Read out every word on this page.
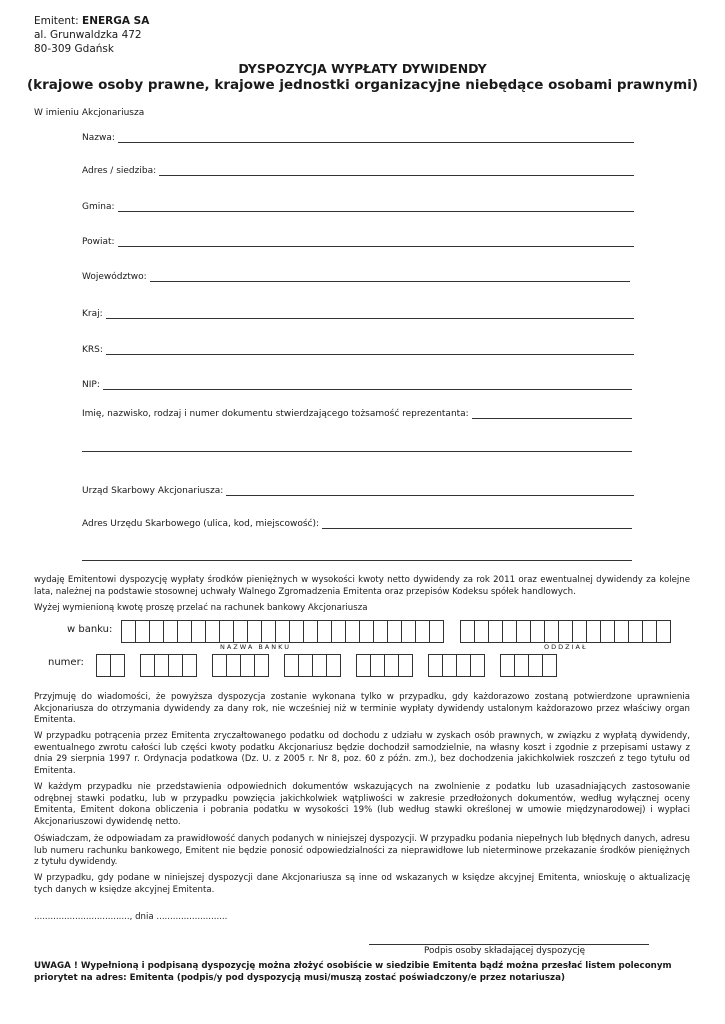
Emitent: ENERGA SA
al. Grunwaldzka 472
80-309 Gdańsk
DYSPOZYCJA WYPŁATY DYWIDENDY
(krajowe osoby prawne, krajowe jednostki organizacyjne niebędące osobami prawnymi)
W imieniu Akcjonariusza
Nazwa:
Adres / siedziba:
Gmina:
Powiat:
Województwo:
Kraj:
KRS:
NIP:
Imię, nazwisko, rodzaj i numer dokumentu stwierdzającego tożsamość reprezentanta:
Urząd Skarbowy Akcjonariusza:
Adres Urzędu Skarbowego (ulica, kod, miejscowość):
wydaję Emitentowi dyspozycję wypłaty środków pieniężnych w wysokości kwoty netto dywidendy za rok 2011 oraz ewentualnej dywidendy za kolejne lata, należnej na podstawie stosownej uchwały Walnego Zgromadzenia Emitenta oraz przepisów Kodeksu spółek handlowych.
Wyżej wymienioną kwotę proszę przelać na rachunek bankowy Akcjonariusza
w banku:
NAZWA BANKU	ODDZIAŁ
numer:
Przyjmuję do wiadomości, że powyższa dyspozycja zostanie wykonana tylko w przypadku, gdy każdorazowo zostaną potwierdzone uprawnienia Akcjonariusza do otrzymania dywidendy za dany rok, nie wcześniej niż w terminie wypłaty dywidendy ustalonym każdorazowo przez właściwy organ Emitenta.
W przypadku potrącenia przez Emitenta zryczałtowanego podatku od dochodu z udziału w zyskach osób prawnych, w związku z wypłatą dywidendy, ewentualnego zwrotu całości lub części kwoty podatku Akcjonariusz będzie dochodził samodzielnie, na własny koszt i zgodnie z przepisami ustawy z dnia 29 sierpnia 1997 r. Ordynacja podatkowa (Dz. U. z 2005 r. Nr 8, poz. 60 z późn. zm.), bez dochodzenia jakichkolwiek roszczeń z tego tytułu od Emitenta.
W każdym przypadku nie przedstawienia odpowiednich dokumentów wskazujących na zwolnienie z podatku lub uzasadniających zastosowanie odrębnej stawki podatku, lub w przypadku powzięcia jakichkolwiek wątpliwości w zakresie przedłożonych dokumentów, według wyłącznej oceny Emitenta, Emitent dokona obliczenia i pobrania podatku w wysokości 19% (lub według stawki określonej w umowie międzynarodowej) i wypłaci Akcjonariuszowi dywidendę netto.
Oświadczam, że odpowiadam za prawidłowość danych podanych w niniejszej dyspozycji. W przypadku podania niepełnych lub błędnych danych, adresu lub numeru rachunku bankowego, Emitent nie będzie ponosić odpowiedzialności za nieprawidłowe lub nieterminowe przekazanie środków pieniężnych z tytułu dywidendy.
W przypadku, gdy podane w niniejszej dyspozycji dane Akcjonariusza są inne od wskazanych w księdze akcyjnej Emitenta, wnioskuję o aktualizację tych danych w księdze akcyjnej Emitenta.
..................................., dnia ..........................
Podpis osoby składającej dyspozycję
UWAGA ! Wypełnioną i podpisaną dyspozycję można złożyć osobiście w siedzibie Emitenta bądź można przesłać listem poleconym priorytet na adres: Emitenta (podpis/y pod dyspozycją musi/muszą zostać poświadczony/e przez notariusza)
